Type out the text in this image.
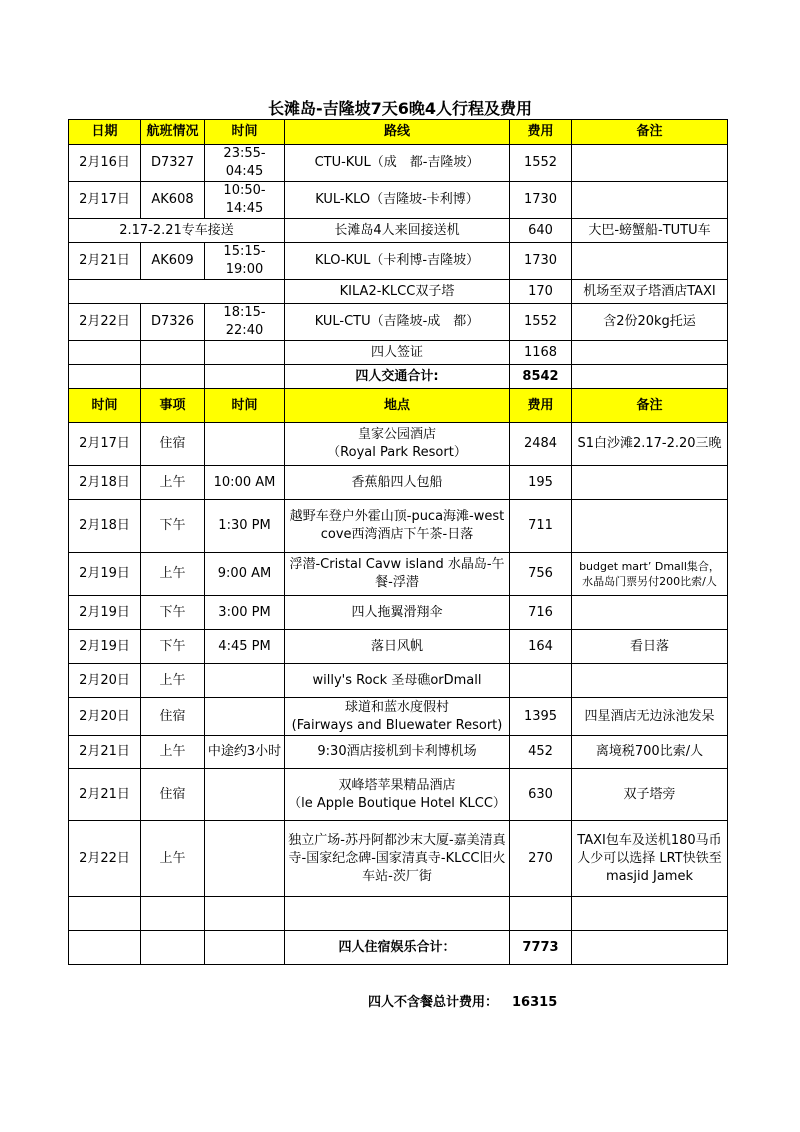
长滩岛-吉隆坡7天6晚4人行程及费用
日期	航班情况	时间	路线	费用	备注
2月16日	D7327	23:55-04:45	CTU-KUL（成　都-吉隆坡）	1552	
2月17日	AK608	10:50-14:45	KUL-KLO（吉隆坡-卡利博）	1730	
2.17-2.21专车接送			长滩岛4人来回接送机	640	大巴-螃蟹船-TUTU车
2月21日	AK609	15:15-19:00	KLO-KUL（卡利博-吉隆坡）	1730	
			KILA2-KLCC双子塔	170	机场至双子塔酒店TAXI
2月22日	D7326	18:15-22:40	KUL-CTU（吉隆坡-成　都）	1552	含2份20kg托运
			四人签证	1168	
			四人交通合计:	8542	
时间	事项	时间	地点	费用	备注
2月17日	住宿		皇家公园酒店
（Royal Park Resort）	2484	S1白沙滩2.17-2.20三晚
2月18日	上午	10:00 AM	香蕉船四人包船	195	
2月18日	下午	1:30 PM	越野车登户外霍山顶-puca海滩-west cove西湾酒店下午茶-日落	711	
2月19日	上午	9:00 AM	浮潜-Cristal Cavw island 水晶岛-午餐-浮潜	756	budget mart’ Dmall集合，水晶岛门票另付200比索/人
2月19日	下午	3:00 PM	四人拖翼滑翔伞	716	
2月19日	下午	4:45 PM	落日风帆	164	看日落
2月20日	上午		willy's Rock 圣母礁orDmall		
2月20日	住宿		球道和蓝水度假村
(Fairways and Bluewater Resort)	1395	四星酒店无边泳池发呆
2月21日	上午	中途约3小时	9:30酒店接机到卡利博机场	452	离境税700比索/人
2月21日	住宿		双峰塔苹果精品酒店
（le Apple Boutique Hotel KLCC）	630	双子塔旁
2月22日	上午		独立广场-苏丹阿都沙末大厦-嘉美清真寺-国家纪念碑-国家清真寺-KLCC旧火车站-茨厂街	270	TAXI包车及送机180马币人少可以选择 LRT快铁至masjid Jamek

			四人住宿娱乐合计：	7773	
四人不含餐总计费用： 16315
